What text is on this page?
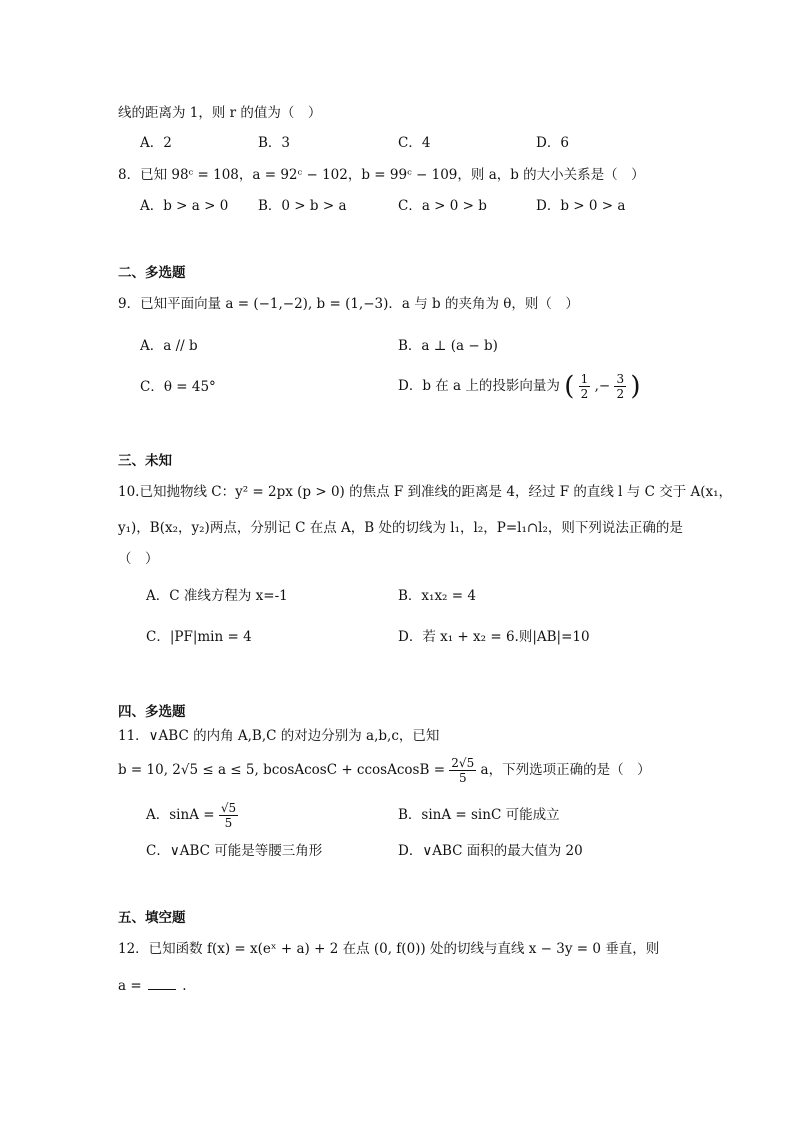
线的距离为 1，则 r 的值为（　）
A．2	B．3	C．4	D．6
8．已知 98ᶜ = 108，a = 92ᶜ − 102，b = 99ᶜ − 109，则 a，b 的大小关系是（　）
A．b > a > 0 B．0 > b > a	C．a > 0 > b	D．b > 0 > a
二、多选题
9．已知平面向量 a = (−1,−2), b = (1,−3)．a 与 b 的夹角为 θ，则（　）
A．a // b	B．a ⊥ (a − b)
C．θ = 45°	D．b 在 a 上的投影向量为 ( $\frac{1}{2}$ ,− $\frac{3}{2}$ )
三、未知
10.已知抛物线 C：y² = 2px (p > 0) 的焦点 F 到准线的距离是 4，经过 F 的直线 l 与 C 交于 A(x₁，
y₁)，B(x₂，y₂)两点，分别记 C 在点 A，B 处的切线为 l₁，l₂，P=l₁∩l₂，则下列说法正确的是
（　）
A．C 准线方程为 x=-1	B．x₁x₂ = 4
C．|PF|min = 4	D．若 x₁ + x₂ = 6.则|AB|=10
四、多选题
11．∨ABC 的内角 A,B,C 的对边分别为 a,b,c，已知
b = 10, 2√5 ≤ a ≤ 5, bcosAcosC + ccosAcosB = $\frac{2√5}{5}$ a，下列选项正确的是（　）
A．$\sin A = \frac{√5}{5}$	B．sinA = sinC 可能成立
C．∨ABC 可能是等腰三角形	D．∨ABC 面积的最大值为 20
五、填空题
12．已知函数 f(x) = x(eˣ + a) + 2 在点 (0, f(0)) 处的切线与直线 x − 3y = 0 垂直，则
a =	.
